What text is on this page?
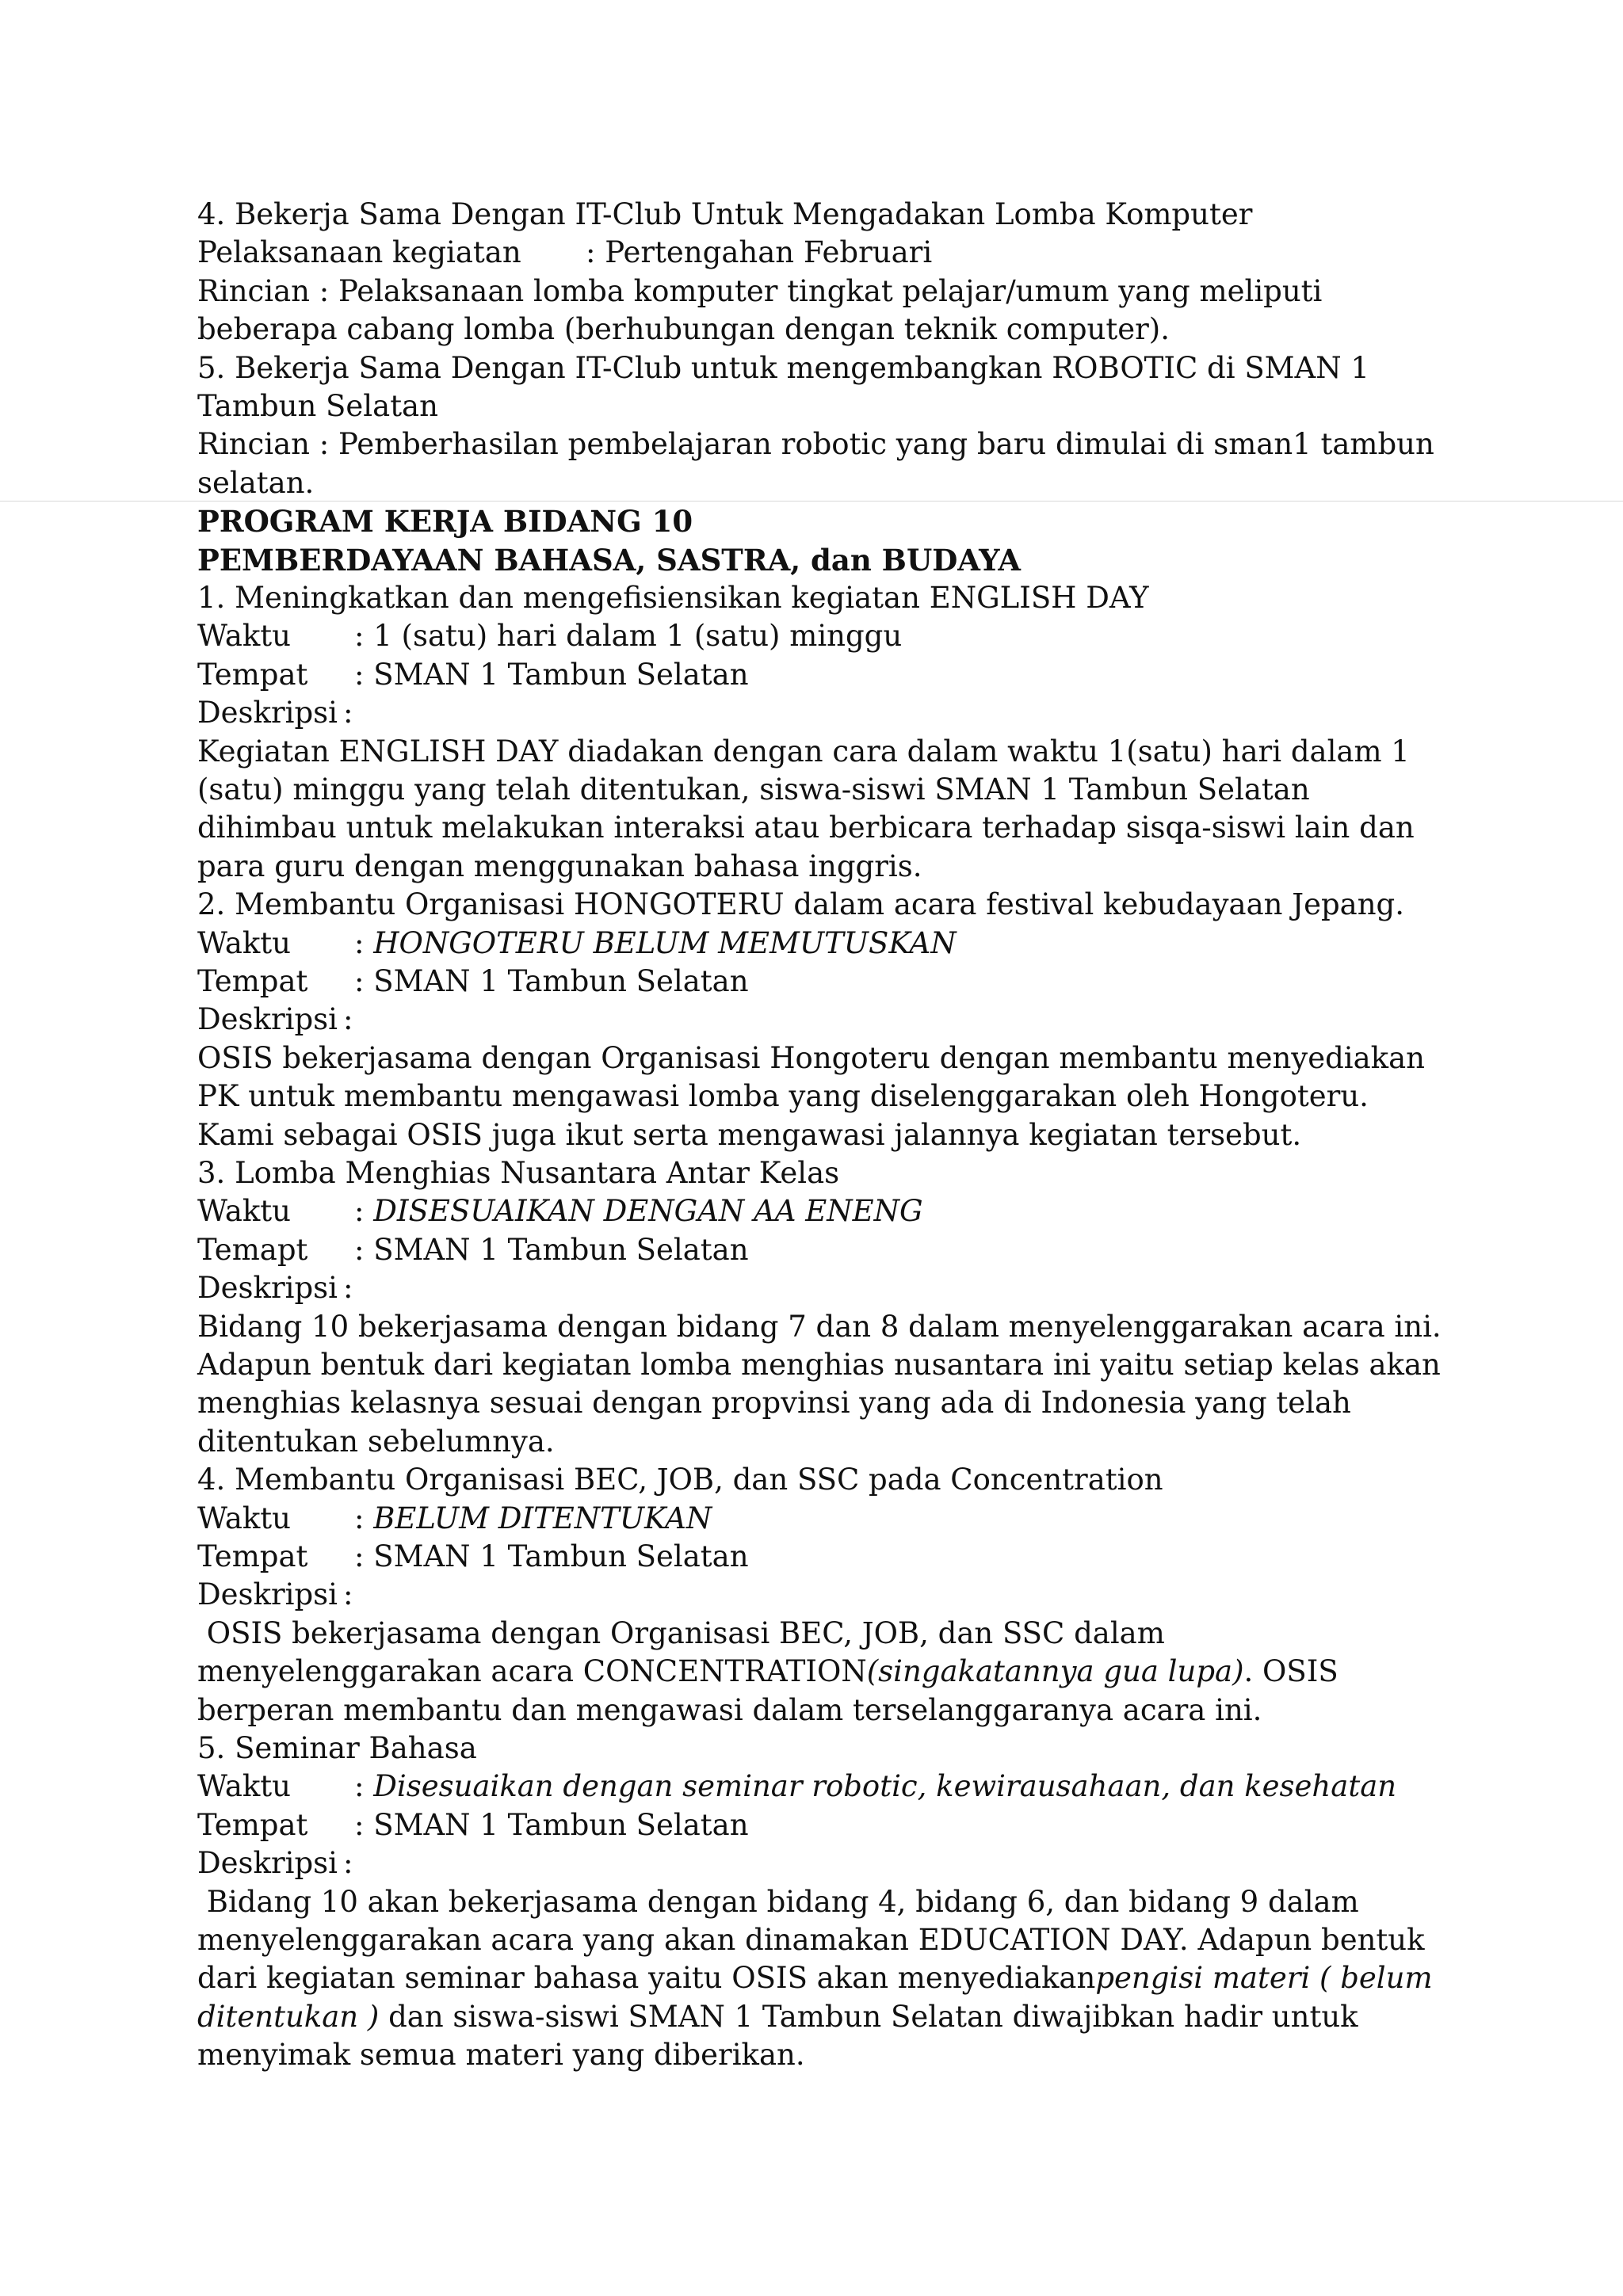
4. Bekerja Sama Dengan IT-Club Untuk Mengadakan Lomba Komputer

Pelaksanaan kegiatan : Pertengahan Februari

Rincian : Pelaksanaan lomba komputer tingkat pelajar/umum yang meliputi beberapa cabang lomba (berhubungan dengan teknik computer).

5. Bekerja Sama Dengan IT-Club untuk mengembangkan ROBOTIC di SMAN 1 Tambun Selatan

Rincian : Pemberhasilan pembelajaran robotic yang baru dimulai di sman1 tambun selatan.

PROGRAM KERJA BIDANG 10

PEMBERDAYAAN BAHASA, SASTRA, dan BUDAYA

1. Meningkatkan dan mengefisiensikan kegiatan ENGLISH DAY

Waktu : 1 (satu) hari dalam 1 (satu) minggu

Tempat : SMAN 1 Tambun Selatan

Deskripsi :

Kegiatan ENGLISH DAY diadakan dengan cara dalam waktu 1(satu) hari dalam 1 (satu) minggu yang telah ditentukan, siswa-siswi SMAN 1 Tambun Selatan dihimbau untuk melakukan interaksi atau berbicara terhadap sisqa-siswi lain dan para guru dengan menggunakan bahasa inggris.

2. Membantu Organisasi HONGOTERU dalam acara festival kebudayaan Jepang.

Waktu : HONGOTERU BELUM MEMUTUSKAN

Tempat : SMAN 1 Tambun Selatan

Deskripsi :

OSIS bekerjasama dengan Organisasi Hongoteru dengan membantu menyediakan PK untuk membantu mengawasi lomba yang diselenggarakan oleh Hongoteru. Kami sebagai OSIS juga ikut serta mengawasi jalannya kegiatan tersebut.

3. Lomba Menghias Nusantara Antar Kelas

Waktu : DISESUAIKAN DENGAN AA ENENG

Temapt : SMAN 1 Tambun Selatan

Deskripsi :

Bidang 10 bekerjasama dengan bidang 7 dan 8 dalam menyelenggarakan acara ini. Adapun bentuk dari kegiatan lomba menghias nusantara ini yaitu setiap kelas akan menghias kelasnya sesuai dengan propvinsi yang ada di Indonesia yang telah ditentukan sebelumnya.

4. Membantu Organisasi BEC, JOB, dan SSC pada Concentration

Waktu : BELUM DITENTUKAN

Tempat : SMAN 1 Tambun Selatan

Deskripsi :

OSIS bekerjasama dengan Organisasi BEC, JOB, dan SSC dalam menyelenggarakan acara CONCENTRATION(singakatannya gua lupa). OSIS berperan membantu dan mengawasi dalam terselanggaranya acara ini.

5. Seminar Bahasa

Waktu : Disesuaikan dengan seminar robotic, kewirausahaan, dan kesehatan

Tempat : SMAN 1 Tambun Selatan

Deskripsi :

Bidang 10 akan bekerjasama dengan bidang 4, bidang 6, dan bidang 9 dalam menyelenggarakan acara yang akan dinamakan EDUCATION DAY. Adapun bentuk dari kegiatan seminar bahasa yaitu OSIS akan menyediakanpengisi materi ( belum ditentukan ) dan siswa-siswi SMAN 1 Tambun Selatan diwajibkan hadir untuk menyimak semua materi yang diberikan.
